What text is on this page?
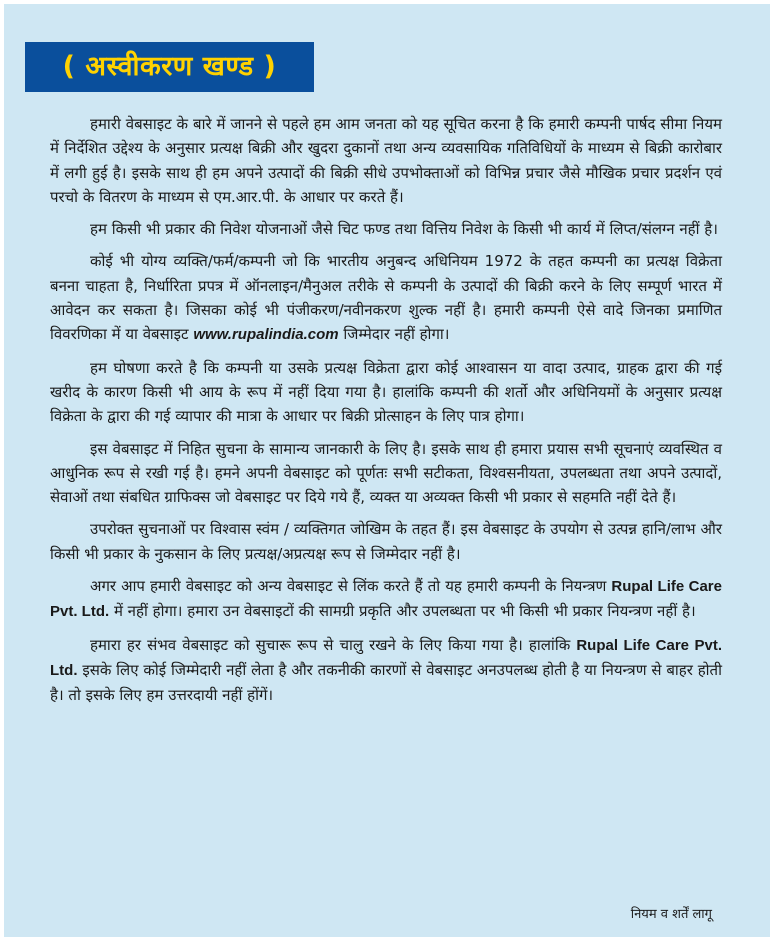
( अस्वीकरण खण्ड )

हमारी वेबसाइट के बारे में जानने से पहले हम आम जनता को यह सूचित करना है कि हमारी कम्पनी पार्षद सीमा नियम में निर्देशित उद्देश्य के अनुसार प्रत्यक्ष बिक्री और खुदरा दुकानों तथा अन्य व्यवसायिक गतिविधियों के माध्यम से बिक्री कारोबार में लगी हुई है। इसके साथ ही हम अपने उत्पादों की बिक्री सीधे उपभोक्ताओं को विभिन्न प्रचार जैसे मौखिक प्रचार प्रदर्शन एवं परचो के वितरण के माध्यम से एम.आर.पी. के आधार पर करते हैं।

हम किसी भी प्रकार की निवेश योजनाओं जैसे चिट फण्ड तथा वित्तिय निवेश के किसी भी कार्य में लिप्त/संलग्न नहीं है।

कोई भी योग्य व्यक्ति/फर्म/कम्पनी जो कि भारतीय अनुबन्द अधिनियम 1972 के तहत कम्पनी का प्रत्यक्ष विक्रेता बनना चाहता है, निर्धारिता प्रपत्र में ऑनलाइन/मैनुअल तरीके से कम्पनी के उत्पादों की बिक्री करने के लिए सम्पूर्ण भारत में आवेदन कर सकता है। जिसका कोई भी पंजीकरण/नवीनकरण शुल्क नहीं है। हमारी कम्पनी ऐसे वादे जिनका प्रमाणित विवरणिका में या वेबसाइट www.rupalindia.com जिम्मेदार नहीं होगा।

हम घोषणा करते है कि कम्पनी या उसके प्रत्यक्ष विक्रेता द्वारा कोई आश्वासन या वादा उत्पाद, ग्राहक द्वारा की गई खरीद के कारण किसी भी आय के रूप में नहीं दिया गया है। हालांकि कम्पनी की शर्तो और अधिनियमों के अनुसार प्रत्यक्ष विक्रेता के द्वारा की गई व्यापार की मात्रा के आधार पर बिक्री प्रोत्साहन के लिए पात्र होगा।

इस वेबसाइट में निहित सुचना के सामान्य जानकारी के लिए है। इसके साथ ही हमारा प्रयास सभी सूचनाएं व्यवस्थित व आधुनिक रूप से रखी गई है। हमने अपनी वेबसाइट को पूर्णतः सभी सटीकता, विश्वसनीयता, उपलब्धता तथा अपने उत्पादों, सेवाओं तथा संबधित ग्राफिक्स जो वेबसाइट पर दिये गये हैं, व्यक्त या अव्यक्त किसी भी प्रकार से सहमति नहीं देते हैं।

उपरोक्त सुचनाओं पर विश्वास स्वंम / व्यक्तिगत जोखिम के तहत हैं। इस वेबसाइट के उपयोग से उत्पन्न हानि/लाभ और किसी भी प्रकार के नुकसान के लिए प्रत्यक्ष/अप्रत्यक्ष रूप से जिम्मेदार नहीं है।

अगर आप हमारी वेबसाइट को अन्य वेबसाइट से लिंक करते हैं तो यह हमारी कम्पनी के नियन्त्रण Rupal Life Care Pvt. Ltd. में नहीं होगा। हमारा उन वेबसाइटों की सामग्री प्रकृति और उपलब्धता पर भी किसी भी प्रकार नियन्त्रण नहीं है।

हमारा हर संभव वेबसाइट को सुचारू रूप से चालु रखने के लिए किया गया है। हालांकि Rupal Life Care Pvt. Ltd. इसके लिए कोई जिम्मेदारी नहीं लेता है और तकनीकी कारणों से वेबसाइट अनउपलब्ध होती है या नियन्त्रण से बाहर होती है। तो इसके लिए हम उत्तरदायी नहीं होंगें।

नियम व शर्तें लागू
